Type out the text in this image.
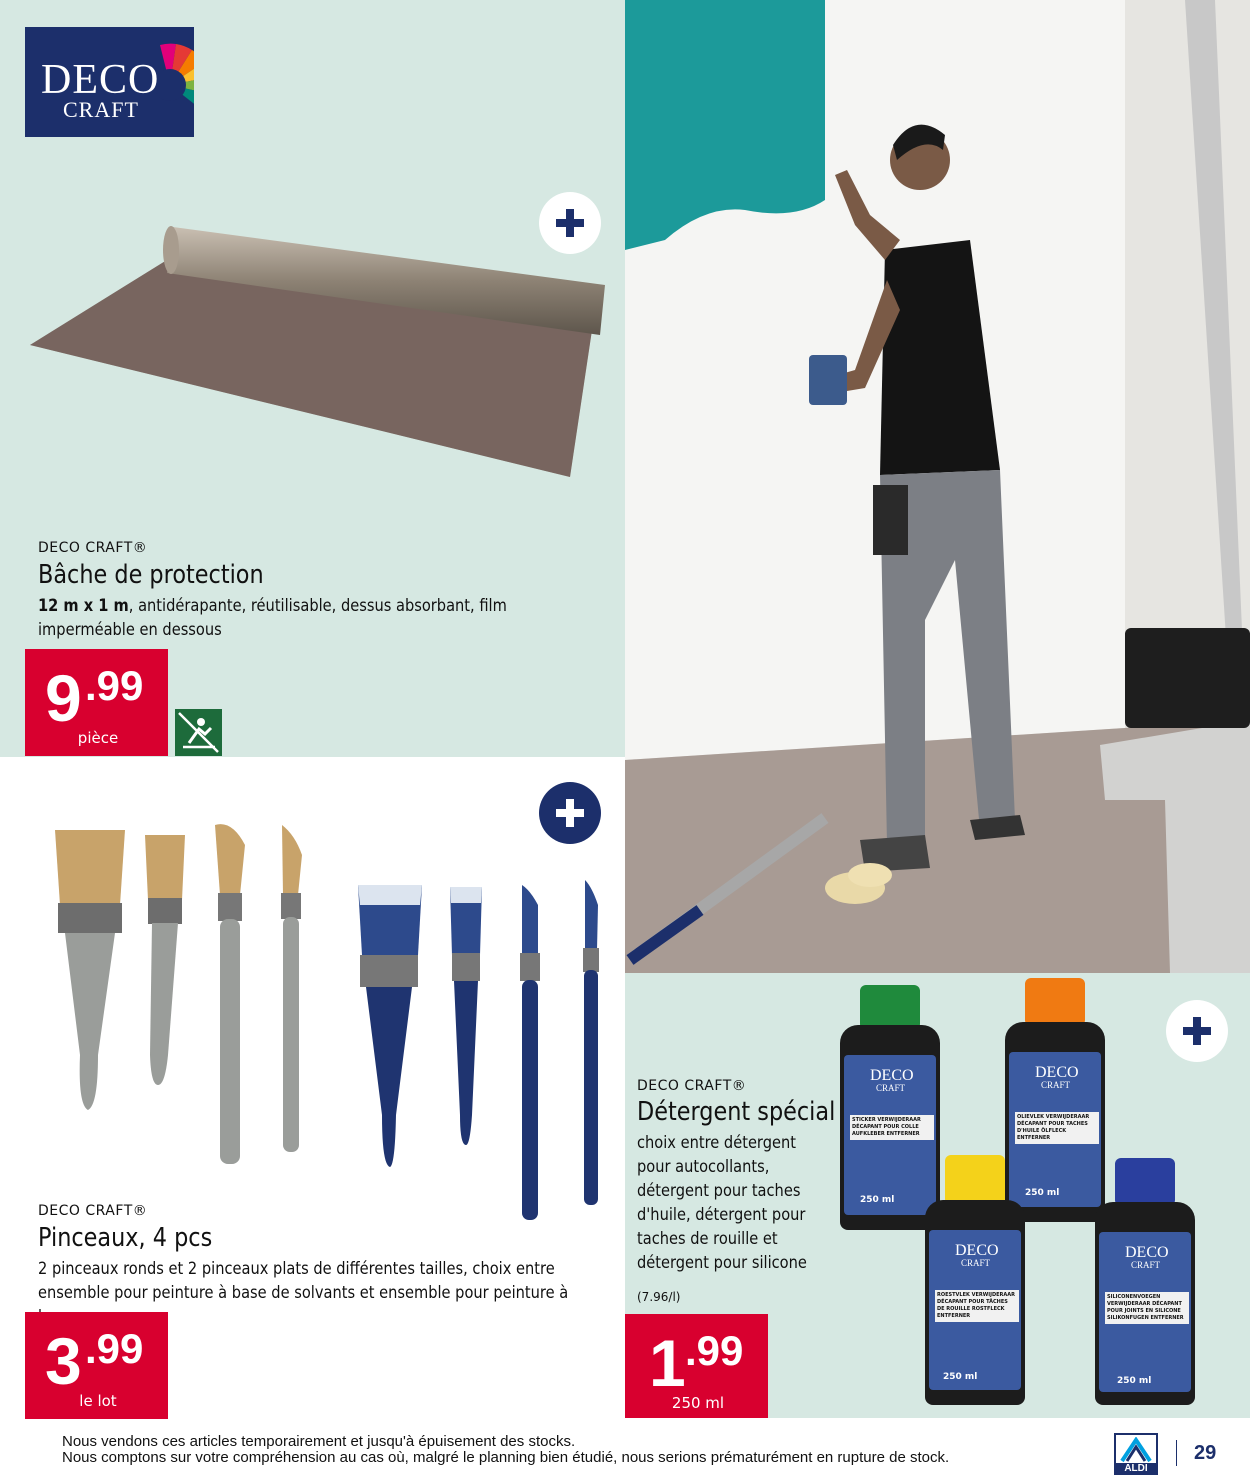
DECO
CRAFT
DECO CRAFT®
Bâche de protection
12 m x 1 m, antidérapante, réutilisable, dessus absorbant, film imperméable en dessous
9 .99
pièce
DECO CRAFT®
Pinceaux, 4 pcs
2 pinceaux ronds et 2 pinceaux plats de différentes tailles, choix entre ensemble pour peinture à base de solvants et ensemble pour peinture à
3 .99
le lot
DECO CRAFT®
Détergent spécial
choix entre détergent pour autocollants, détergent pour taches d'huile, détergent pour taches de rouille et détergent pour silicone
(7.96/l)
1 .99
250 ml
DECO
CRAFT
STICKER VERWIJDERAAR DÉCAPANT POUR COLLE AUFKLEBER ENTFERNER
250 ml
DECO
CRAFT
OLIEVLEK VERWIJDERAAR DÉCAPANT POUR TACHES D'HUILE ÖLFLECK ENTFERNER
250 ml
DECO
CRAFT
ROESTVLEK VERWIJDERAAR DÉCAPANT POUR TÂCHES DE ROUILLE ROSTFLECK ENTFERNER
250 ml
DECO
CRAFT
SILICONENVOEGEN VERWIJDERAAR DÉCAPANT POUR JOINTS EN SILICONE SILIKONFUGEN ENTFERNER
250 ml
Nous vendons ces articles temporairement et jusqu'à épuisement des stocks.
Nous comptons sur votre compréhension au cas où, malgré le planning bien étudié, nous serions prématurément en rupture de stock.
ALDI
29
